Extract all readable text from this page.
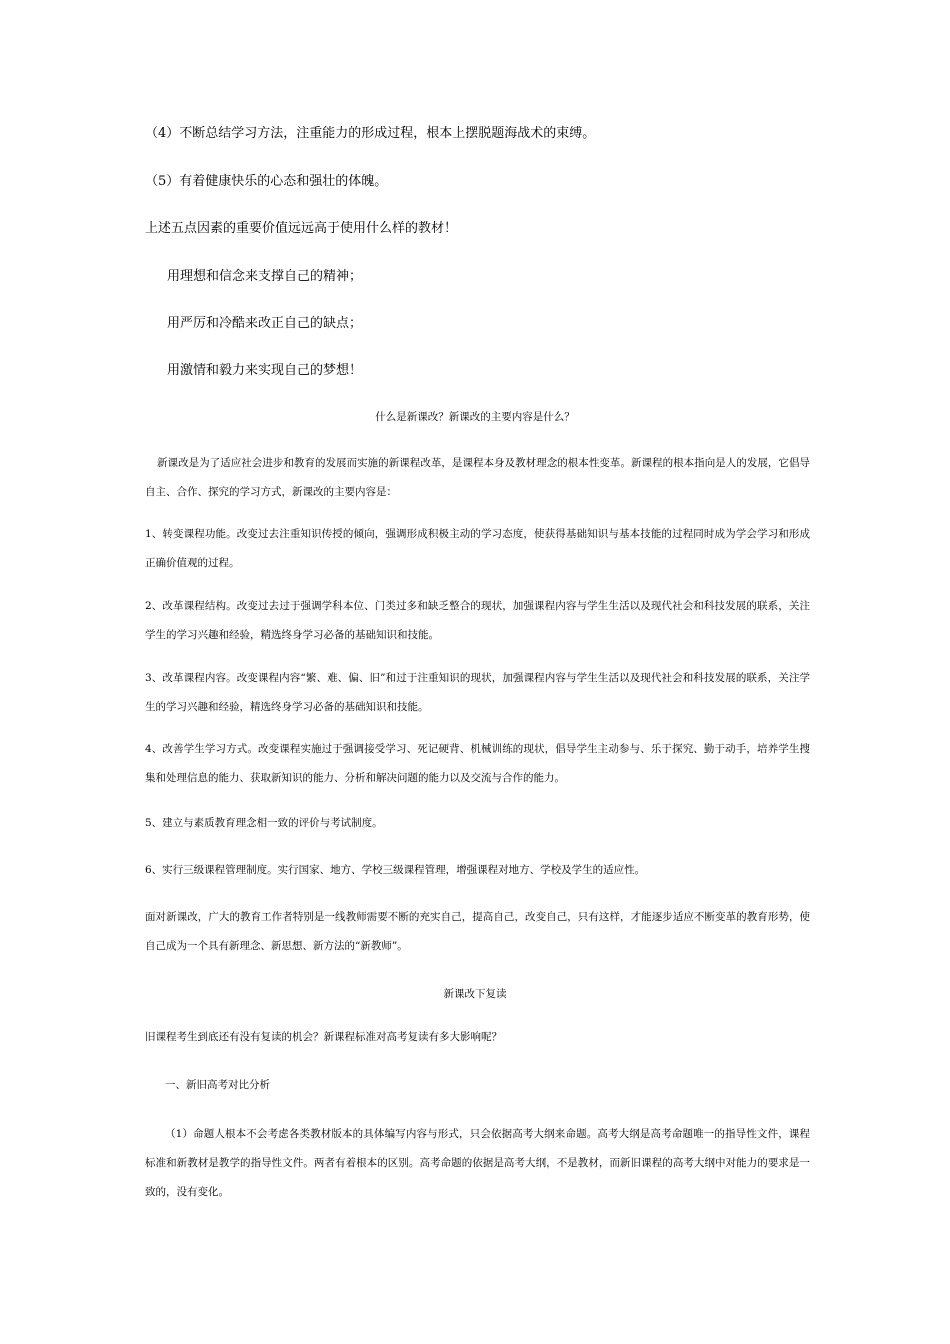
（4）不断总结学习方法，注重能力的形成过程，根本上摆脱题海战术的束缚。

（5）有着健康快乐的心态和强壮的体魄。

上述五点因素的重要价值远远高于使用什么样的教材！

用理想和信念来支撑自己的精神；

用严厉和冷酷来改正自己的缺点；

用激情和毅力来实现自己的梦想！

什么是新课改？新课改的主要内容是什么？

新课改是为了适应社会进步和教育的发展而实施的新课程改革，是课程本身及教材理念的根本性变革。新课程的根本指向是人的发展，它倡导自主、合作、探究的学习方式，新课改的主要内容是：

1、转变课程功能。改变过去注重知识传授的倾向，强调形成积极主动的学习态度，使获得基础知识与基本技能的过程同时成为学会学习和形成正确价值观的过程。

2、改革课程结构。改变过去过于强调学科本位、门类过多和缺乏整合的现状，加强课程内容与学生生活以及现代社会和科技发展的联系，关注学生的学习兴趣和经验，精选终身学习必备的基础知识和技能。

3、改革课程内容。改变课程内容“繁、难、偏、旧”和过于注重知识的现状，加强课程内容与学生生活以及现代社会和科技发展的联系，关注学生的学习兴趣和经验，精选终身学习必备的基础知识和技能。

4、改善学生学习方式。改变课程实施过于强调接受学习、死记硬背、机械训练的现状，倡导学生主动参与、乐于探究、勤于动手，培养学生搜集和处理信息的能力、获取新知识的能力、分析和解决问题的能力以及交流与合作的能力。

5、建立与素质教育理念相一致的评价与考试制度。

6、实行三级课程管理制度。实行国家、地方、学校三级课程管理，增强课程对地方、学校及学生的适应性。

面对新课改，广大的教育工作者特别是一线教师需要不断的充实自己，提高自己，改变自己，只有这样，才能逐步适应不断变革的教育形势，使自己成为一个具有新理念、新思想、新方法的“新教师”。

新课改下复读

旧课程考生到底还有没有复读的机会？新课程标准对高考复读有多大影响呢？

一、新旧高考对比分析

（1）命题人根本不会考虑各类教材版本的具体编写内容与形式，只会依据高考大纲来命题。高考大纲是高考命题唯一的指导性文件，课程标准和新教材是教学的指导性文件。两者有着根本的区别。高考命题的依据是高考大纲，不是教材，而新旧课程的高考大纲中对能力的要求是一致的，没有变化。
